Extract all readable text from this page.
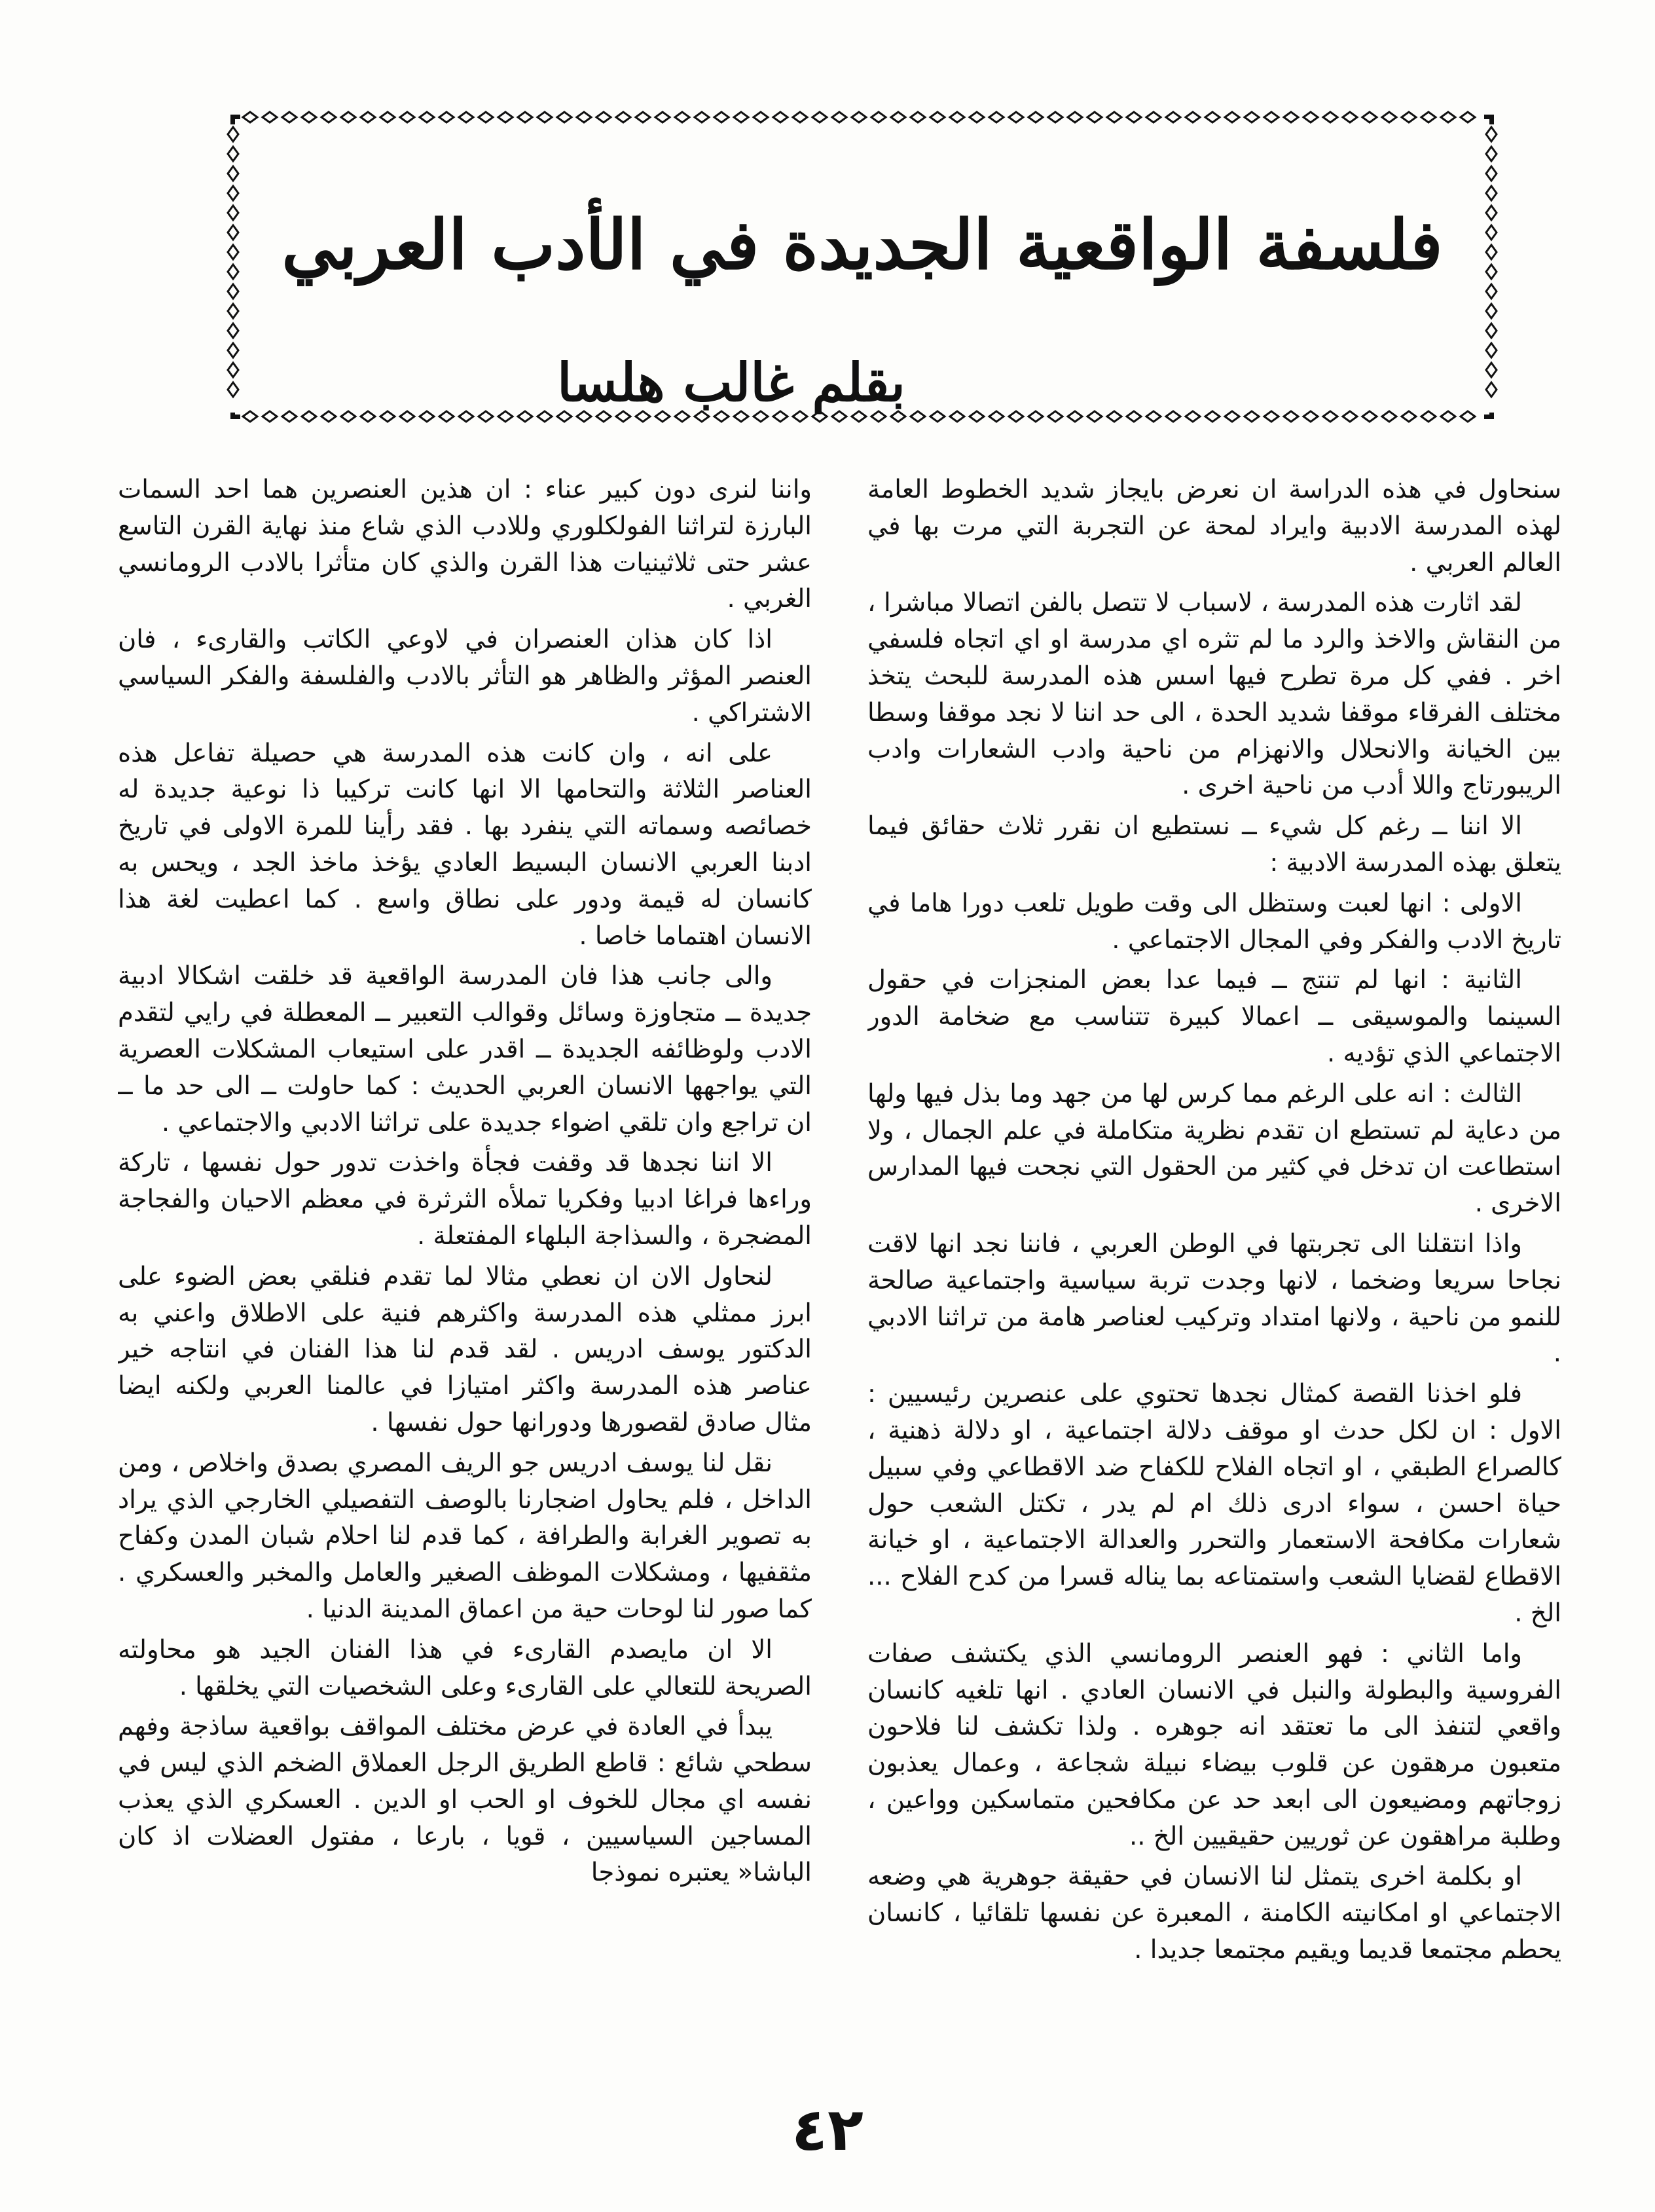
فلسفة الواقعية الجديدة في الأدب العربي
بقلم غالب هلسا

سنحاول في هذه الدراسة ان نعرض بايجاز شديد الخطوط العامة لهذه المدرسة الادبية وايراد لمحة عن التجربة التي مرت بها في العالم العربي .

لقد اثارت هذه المدرسة ، لاسباب لا تتصل بالفن اتصالا مباشرا ، من النقاش والاخذ والرد ما لم تثره اي مدرسة او اي اتجاه فلسفي اخر . ففي كل مرة تطرح فيها اسس هذه المدرسة للبحث يتخذ مختلف الفرقاء موقفا شديد الحدة ، الى حد اننا لا نجد موقفا وسطا بين الخيانة والانحلال والانهزام من ناحية وادب الشعارات وادب الريبورتاج واللا أدب من ناحية اخرى .

الا اننا ــ رغم كل شيء ــ نستطيع ان نقرر ثلاث حقائق فيما يتعلق بهذه المدرسة الادبية :

الاولى : انها لعبت وستظل الى وقت طويل تلعب دورا هاما في تاريخ الادب والفكر وفي المجال الاجتماعي .

الثانية : انها لم تنتج ــ فيما عدا بعض المنجزات في حقول السينما والموسيقى ــ اعمالا كبيرة تتناسب مع ضخامة الدور الاجتماعي الذي تؤديه .

الثالث : انه على الرغم مما كرس لها من جهد وما بذل فيها ولها من دعاية لم تستطع ان تقدم نظرية متكاملة في علم الجمال ، ولا استطاعت ان تدخل في كثير من الحقول التي نجحت فيها المدارس الاخرى .

واذا انتقلنا الى تجربتها في الوطن العربي ، فاننا نجد انها لاقت نجاحا سريعا وضخما ، لانها وجدت تربة سياسية واجتماعية صالحة للنمو من ناحية ، ولانها امتداد وتركيب لعناصر هامة من تراثنا الادبي .

فلو اخذنا القصة كمثال نجدها تحتوي على عنصرين رئيسيين : الاول : ان لكل حدث او موقف دلالة اجتماعية ، او دلالة ذهنية ، كالصراع الطبقي ، او اتجاه الفلاح للكفاح ضد الاقطاعي وفي سبيل حياة احسن ، سواء ادرى ذلك ام لم يدر ، تكتل الشعب حول شعارات مكافحة الاستعمار والتحرر والعدالة الاجتماعية ، او خيانة الاقطاع لقضايا الشعب واستمتاعه بما يناله قسرا من كدح الفلاح ... الخ .

واما الثاني : فهو العنصر الرومانسي الذي يكتشف صفات الفروسية والبطولة والنبل في الانسان العادي . انها تلغيه كانسان واقعي لتنفذ الى ما تعتقد انه جوهره . ولذا تكشف لنا فلاحون متعبون مرهقون عن قلوب بيضاء نبيلة شجاعة ، وعمال يعذبون زوجاتهم ومضيعون الى ابعد حد عن مكافحين متماسكين وواعين ، وطلبة مراهقون عن ثوريين حقيقيين الخ ..

او بكلمة اخرى يتمثل لنا الانسان في حقيقة جوهرية هي وضعه الاجتماعي او امكانيته الكامنة ، المعبرة عن نفسها تلقائيا ، كانسان يحطم مجتمعا قديما ويقيم مجتمعا جديدا .

واننا لنرى دون كبير عناء : ان هذين العنصرين هما احد السمات البارزة لتراثنا الفولكلوري وللادب الذي شاع منذ نهاية القرن التاسع عشر حتى ثلاثينيات هذا القرن والذي كان متأثرا بالادب الرومانسي الغربي .

اذا كان هذان العنصران في لاوعي الكاتب والقارىء ، فان العنصر المؤثر والظاهر هو التأثر بالادب والفلسفة والفكر السياسي الاشتراكي .

على انه ، وان كانت هذه المدرسة هي حصيلة تفاعل هذه العناصر الثلاثة والتحامها الا انها كانت تركيبا ذا نوعية جديدة له خصائصه وسماته التي ينفرد بها . فقد رأينا للمرة الاولى في تاريخ ادبنا العربي الانسان البسيط العادي يؤخذ ماخذ الجد ، ويحس به كانسان له قيمة ودور على نطاق واسع . كما اعطيت لغة هذا الانسان اهتماما خاصا .

والى جانب هذا فان المدرسة الواقعية قد خلقت اشكالا ادبية جديدة ــ متجاوزة وسائل وقوالب التعبير ــ المعطلة في رايي لتقدم الادب ولوظائفه الجديدة ــ اقدر على استيعاب المشكلات العصرية التي يواجهها الانسان العربي الحديث : كما حاولت ــ الى حد ما ــ ان تراجع وان تلقي اضواء جديدة على تراثنا الادبي والاجتماعي .

الا اننا نجدها قد وقفت فجأة واخذت تدور حول نفسها ، تاركة وراءها فراغا ادبيا وفكريا تملأه الثرثرة في معظم الاحيان والفجاجة المضجرة ، والسذاجة البلهاء المفتعلة .

لنحاول الان ان نعطي مثالا لما تقدم فنلقي بعض الضوء على ابرز ممثلي هذه المدرسة واكثرهم فنية على الاطلاق واعني به الدكتور يوسف ادريس . لقد قدم لنا هذا الفنان في انتاجه خير عناصر هذه المدرسة واكثر امتيازا في عالمنا العربي ولكنه ايضا مثال صادق لقصورها ودورانها حول نفسها .

نقل لنا يوسف ادريس جو الريف المصري بصدق واخلاص ، ومن الداخل ، فلم يحاول اضجارنا بالوصف التفصيلي الخارجي الذي يراد به تصوير الغرابة والطرافة ، كما قدم لنا احلام شبان المدن وكفاح مثقفيها ، ومشكلات الموظف الصغير والعامل والمخبر والعسكري . كما صور لنا لوحات حية من اعماق المدينة الدنيا .

الا ان مايصدم القارىء في هذا الفنان الجيد هو محاولته الصريحة للتعالي على القارىء وعلى الشخصيات التي يخلقها .

يبدأ في العادة في عرض مختلف المواقف بواقعية ساذجة وفهم سطحي شائع : قاطع الطريق الرجل العملاق الضخم الذي ليس في نفسه اي مجال للخوف او الحب او الدين . العسكري الذي يعذب المساجين السياسيين ، قويا ، بارعا ، مفتول العضلات اذ كان الباشا« يعتبره نموذجا

٤٢
